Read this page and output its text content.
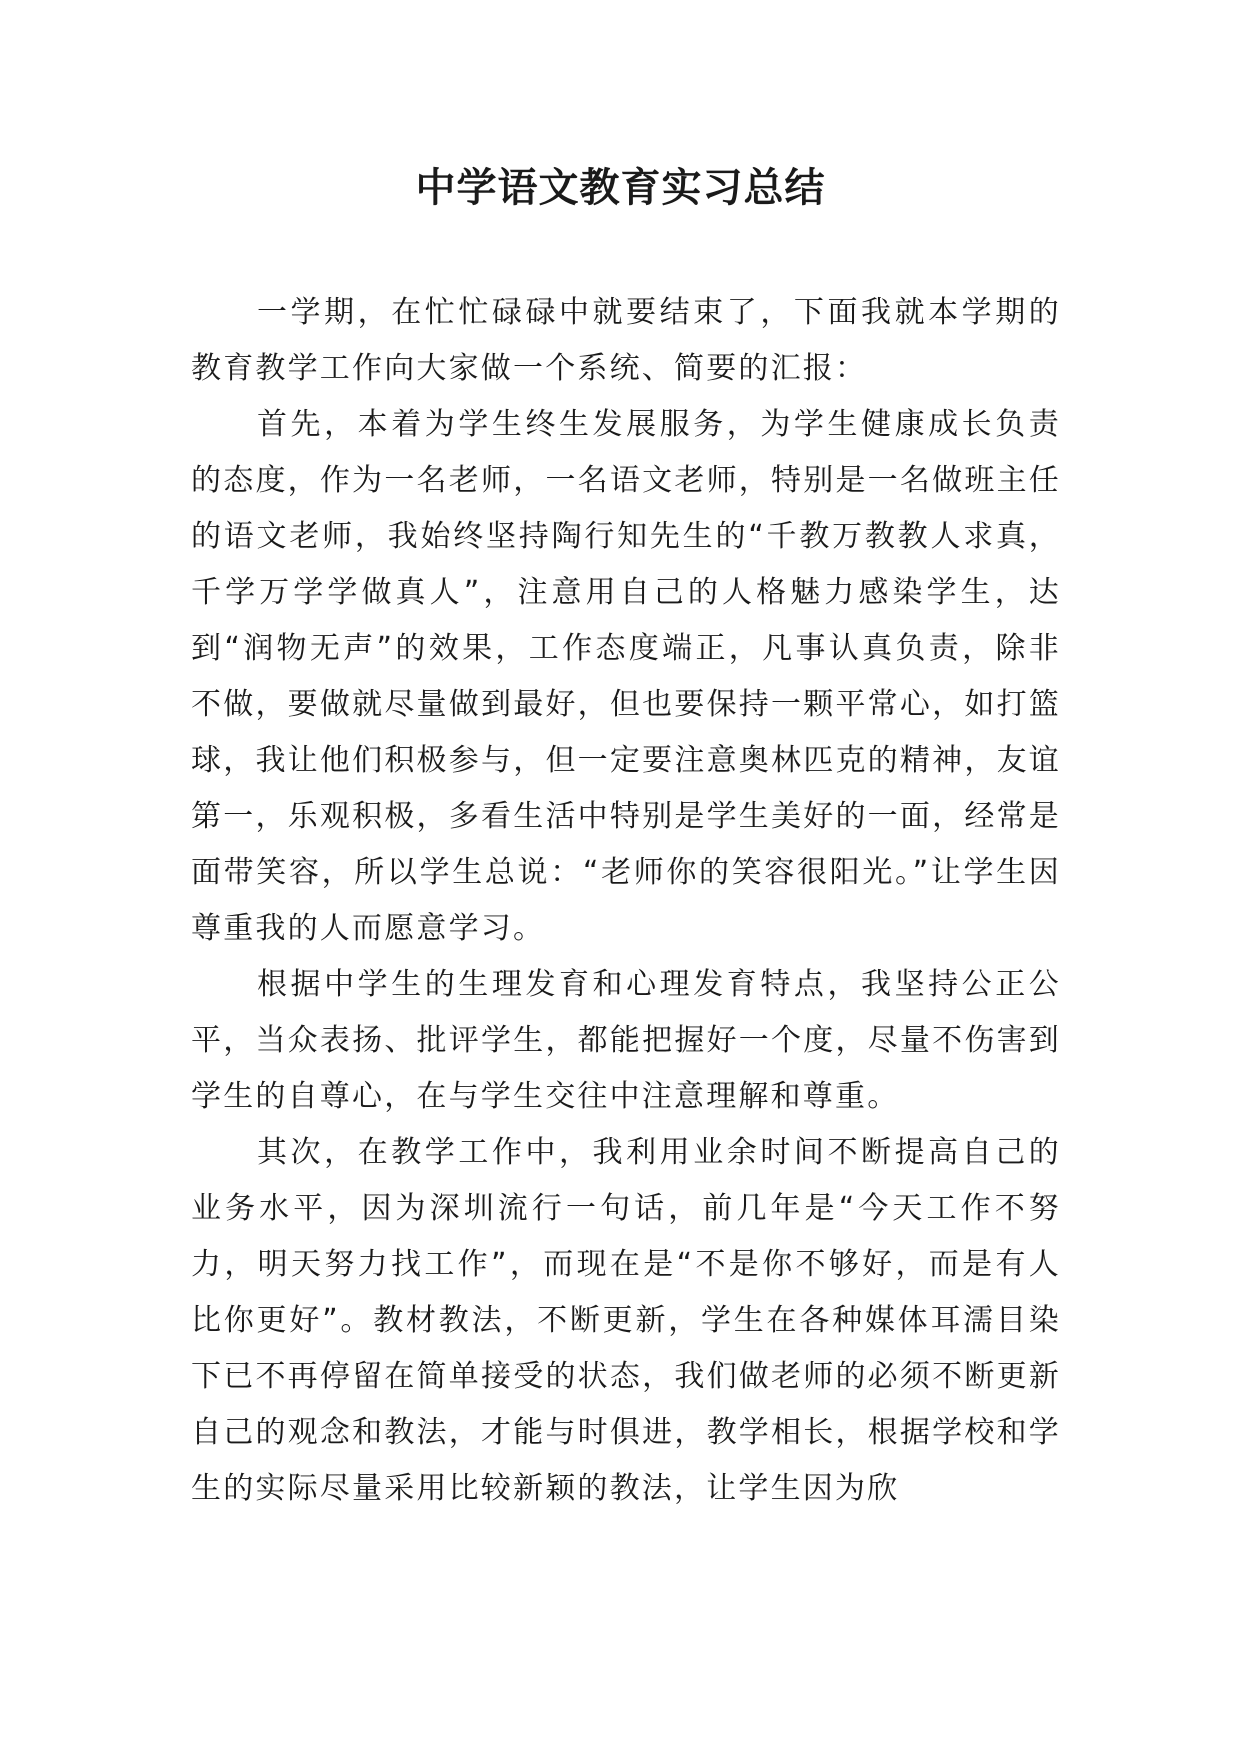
中学语文教育实习总结

一学期，在忙忙碌碌中就要结束了，下面我就本学期的教育教学工作向大家做一个系统、简要的汇报：

首先，本着为学生终生发展服务，为学生健康成长负责的态度，作为一名老师，一名语文老师，特别是一名做班主任的语文老师，我始终坚持陶行知先生的“千教万教教人求真，千学万学学做真人”，注意用自己的人格魅力感染学生，达到“润物无声”的效果，工作态度端正，凡事认真负责，除非不做，要做就尽量做到最好，但也要保持一颗平常心，如打篮球，我让他们积极参与，但一定要注意奥林匹克的精神，友谊第一，乐观积极，多看生活中特别是学生美好的一面，经常是面带笑容，所以学生总说：“老师你的笑容很阳光。”让学生因尊重我的人而愿意学习。

根据中学生的生理发育和心理发育特点，我坚持公正公平，当众表扬、批评学生，都能把握好一个度，尽量不伤害到学生的自尊心，在与学生交往中注意理解和尊重。

其次，在教学工作中，我利用业余时间不断提高自己的业务水平，因为深圳流行一句话，前几年是“今天工作不努力，明天努力找工作”，而现在是“不是你不够好，而是有人比你更好”。教材教法，不断更新，学生在各种媒体耳濡目染下已不再停留在简单接受的状态，我们做老师的必须不断更新自己的观念和教法，才能与时俱进，教学相长，根据学校和学生的实际尽量采用比较新颖的教法，让学生因为欣
